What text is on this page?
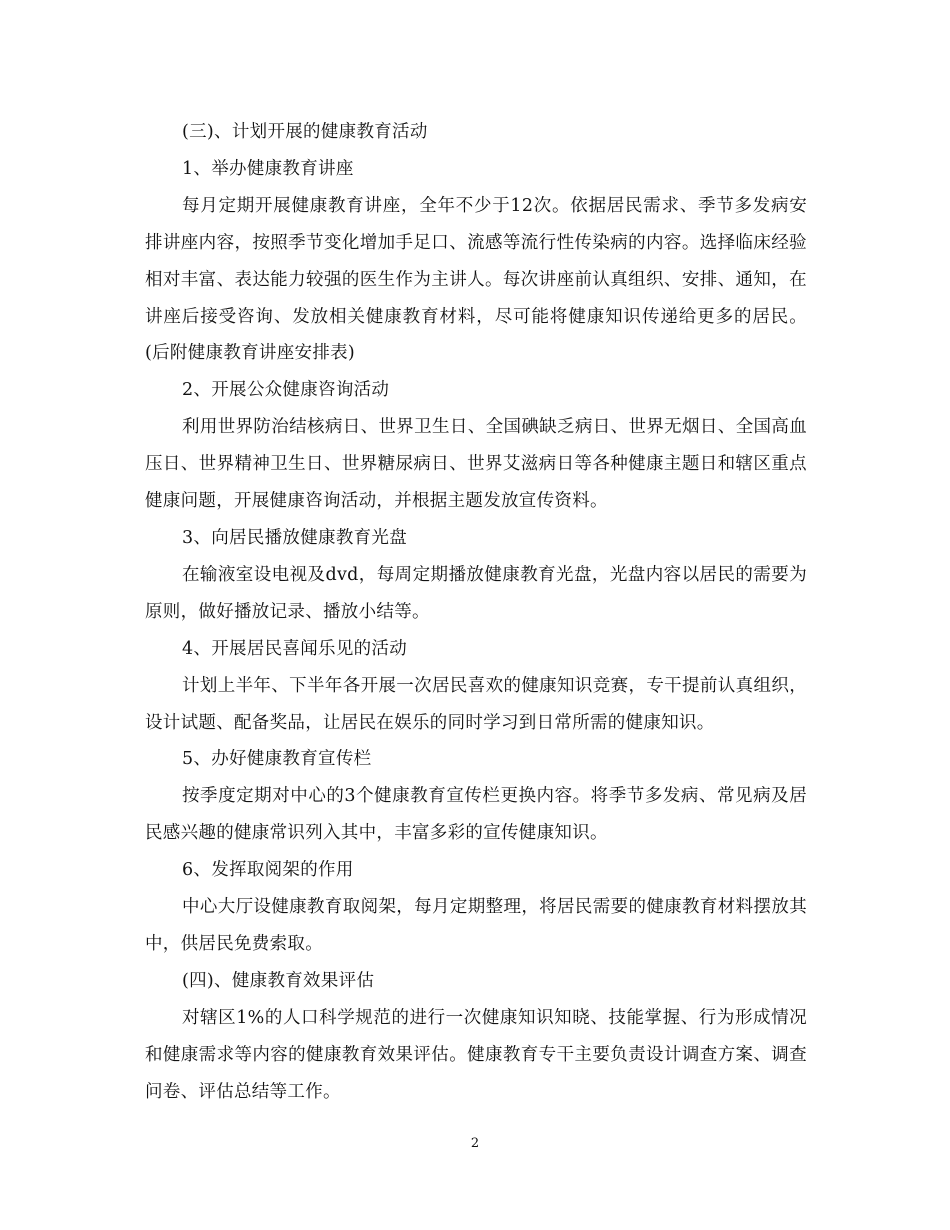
(三)、计划开展的健康教育活动

1、举办健康教育讲座

每月定期开展健康教育讲座，全年不少于12次。依据居民需求、季节多发病安排讲座内容，按照季节变化增加手足口、流感等流行性传染病的内容。选择临床经验相对丰富、表达能力较强的医生作为主讲人。每次讲座前认真组织、安排、通知，在讲座后接受咨询、发放相关健康教育材料，尽可能将健康知识传递给更多的居民。(后附健康教育讲座安排表)

2、开展公众健康咨询活动

利用世界防治结核病日、世界卫生日、全国碘缺乏病日、世界无烟日、全国高血压日、世界精神卫生日、世界糖尿病日、世界艾滋病日等各种健康主题日和辖区重点健康问题，开展健康咨询活动，并根据主题发放宣传资料。

3、向居民播放健康教育光盘

在输液室设电视及dvd，每周定期播放健康教育光盘，光盘内容以居民的需要为原则，做好播放记录、播放小结等。

4、开展居民喜闻乐见的活动

计划上半年、下半年各开展一次居民喜欢的健康知识竞赛，专干提前认真组织，设计试题、配备奖品，让居民在娱乐的同时学习到日常所需的健康知识。

5、办好健康教育宣传栏

按季度定期对中心的3个健康教育宣传栏更换内容。将季节多发病、常见病及居民感兴趣的健康常识列入其中，丰富多彩的宣传健康知识。

6、发挥取阅架的作用

中心大厅设健康教育取阅架，每月定期整理，将居民需要的健康教育材料摆放其中，供居民免费索取。

(四)、健康教育效果评估

对辖区1%的人口科学规范的进行一次健康知识知晓、技能掌握、行为形成情况和健康需求等内容的健康教育效果评估。健康教育专干主要负责设计调查方案、调查问卷、评估总结等工作。

2
